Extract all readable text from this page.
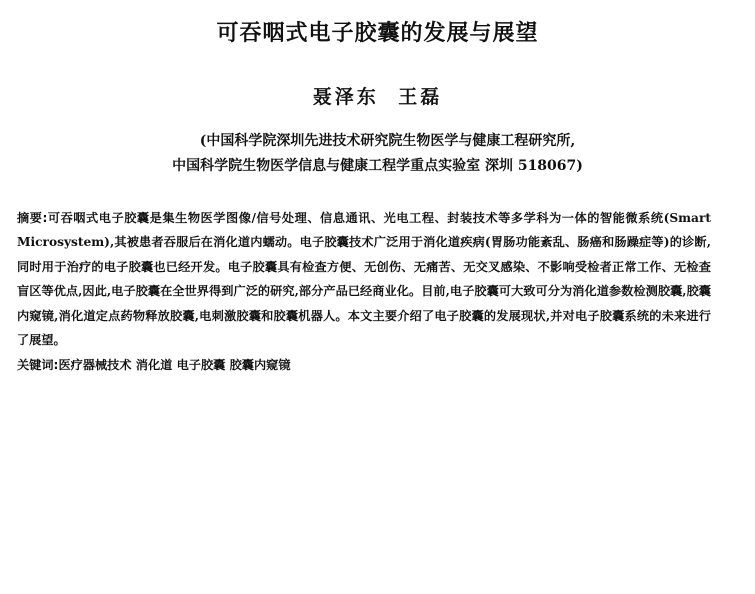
可吞咽式电子胶囊的发展与展望
聂泽东 王磊
(中国科学院深圳先进技术研究院生物医学与健康工程研究所,
中国科学院生物医学信息与健康工程学重点实验室 深圳 518067)
摘要:可吞咽式电子胶囊是集生物医学图像/信号处理、信息通讯、光电工程、封装技术等多学科为一体的智能微系统(Smart Microsystem),其被患者吞服后在消化道内蠕动。电子胶囊技术广泛用于消化道疾病(胃肠功能紊乱、肠癌和肠躁症等)的诊断,同时用于治疗的电子胶囊也已经开发。电子胶囊具有检查方便、无创伤、无痛苦、无交叉感染、不影响受检者正常工作、无检查盲区等优点,因此,电子胶囊在全世界得到广泛的研究,部分产品已经商业化。目前,电子胶囊可大致可分为消化道参数检测胶囊,胶囊内窥镜,消化道定点药物释放胶囊,电刺激胶囊和胶囊机器人。本文主要介绍了电子胶囊的发展现状,并对电子胶囊系统的未来进行了展望。
关键词:医疗器械技术 消化道 电子胶囊 胶囊内窥镜
